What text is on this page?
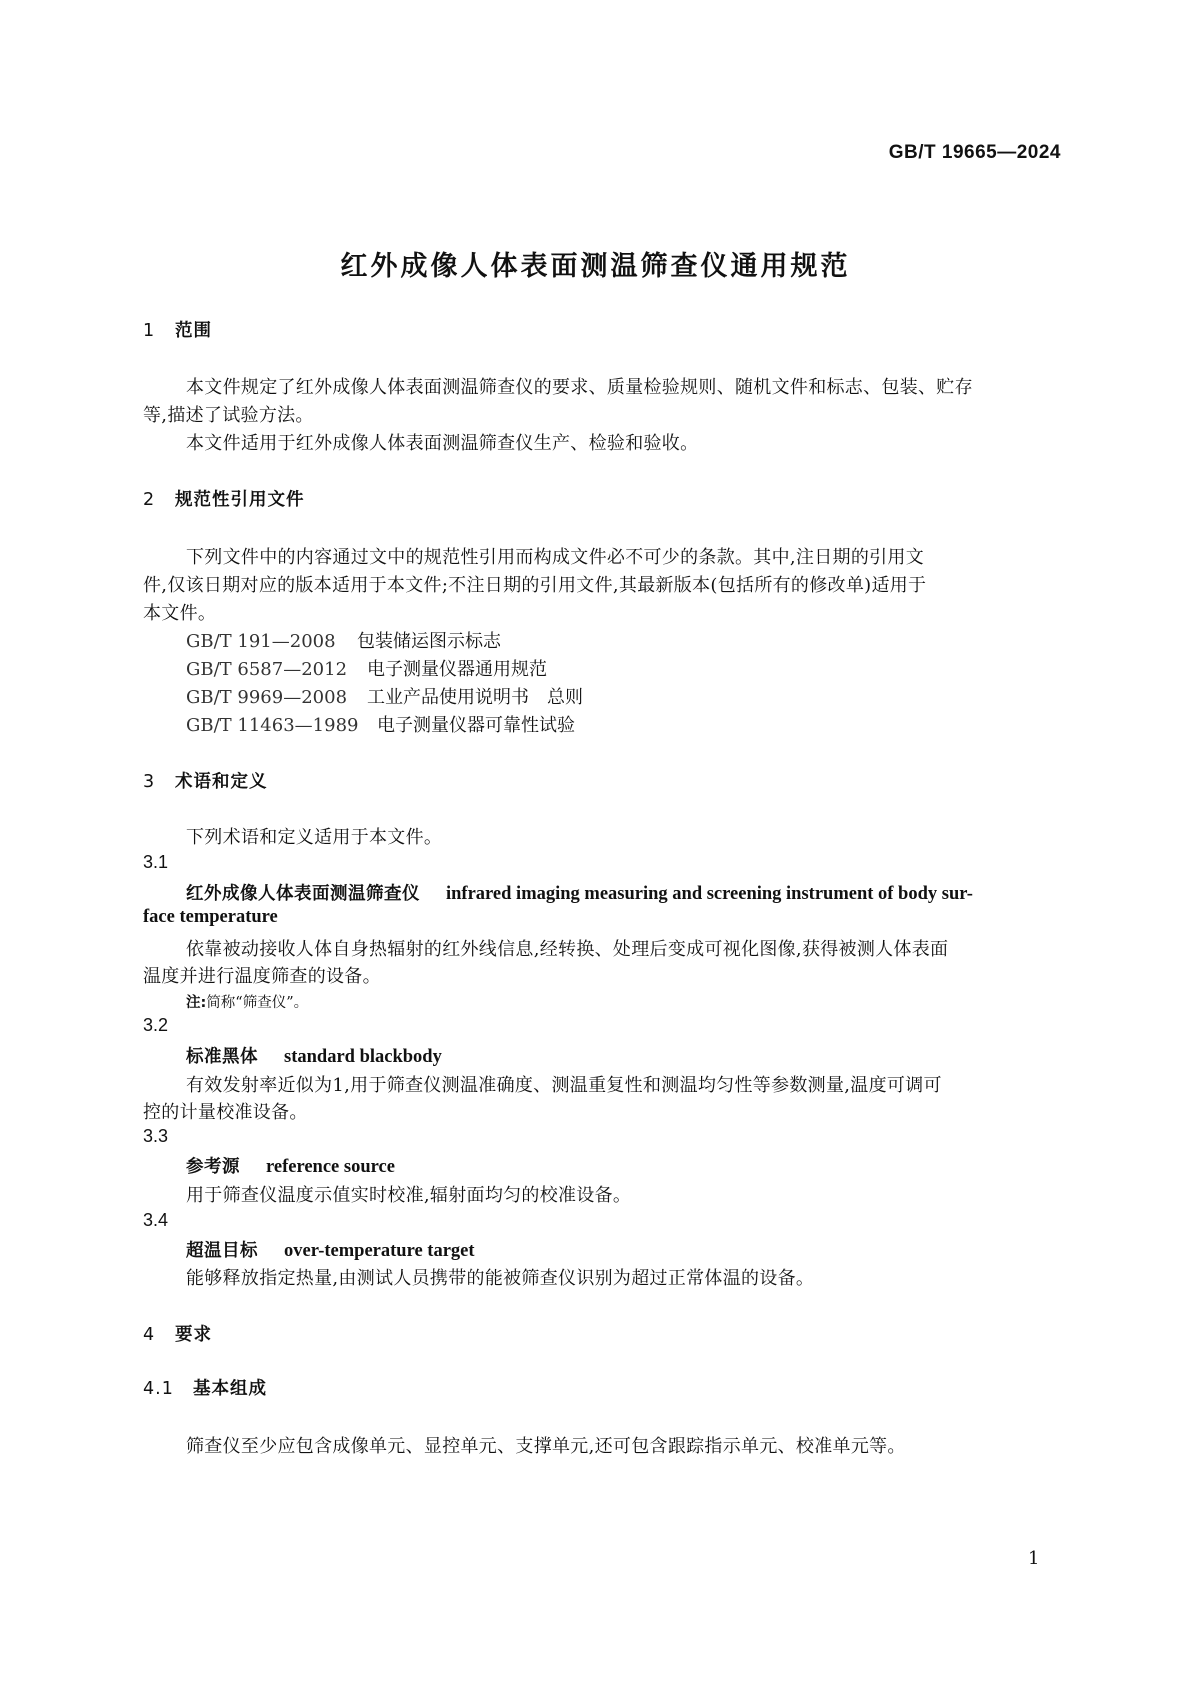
GB/T 19665—2024
红外成像人体表面测温筛查仪通用规范
1 范围
本文件规定了红外成像人体表面测温筛查仪的要求、质量检验规则、随机文件和标志、包装、贮存
等,描述了试验方法。
本文件适用于红外成像人体表面测温筛查仪生产、检验和验收。
2 规范性引用文件
下列文件中的内容通过文中的规范性引用而构成文件必不可少的条款。其中,注日期的引用文
件,仅该日期对应的版本适用于本文件;不注日期的引用文件,其最新版本(包括所有的修改单)适用于
本文件。
GB/T 191—2008 包装储运图示标志
GB/T 6587—2012 电子测量仪器通用规范
GB/T 9969—2008 工业产品使用说明书　总则
GB/T 11463—1989 电子测量仪器可靠性试验
3 术语和定义
下列术语和定义适用于本文件。
3.1
红外成像人体表面测温筛查仪 infrared imaging measuring and screening instrument of body sur-
face temperature
依靠被动接收人体自身热辐射的红外线信息,经转换、处理后变成可视化图像,获得被测人体表面
温度并进行温度筛查的设备。
注:简称“筛查仪”。
3.2
标准黑体 standard blackbody
有效发射率近似为1,用于筛查仪测温准确度、测温重复性和测温均匀性等参数测量,温度可调可
控的计量校准设备。
3.3
参考源 reference source
用于筛查仪温度示值实时校准,辐射面均匀的校准设备。
3.4
超温目标 over-temperature target
能够释放指定热量,由测试人员携带的能被筛查仪识别为超过正常体温的设备。
4 要求
4.1 基本组成
筛查仪至少应包含成像单元、显控单元、支撑单元,还可包含跟踪指示单元、校准单元等。
1
